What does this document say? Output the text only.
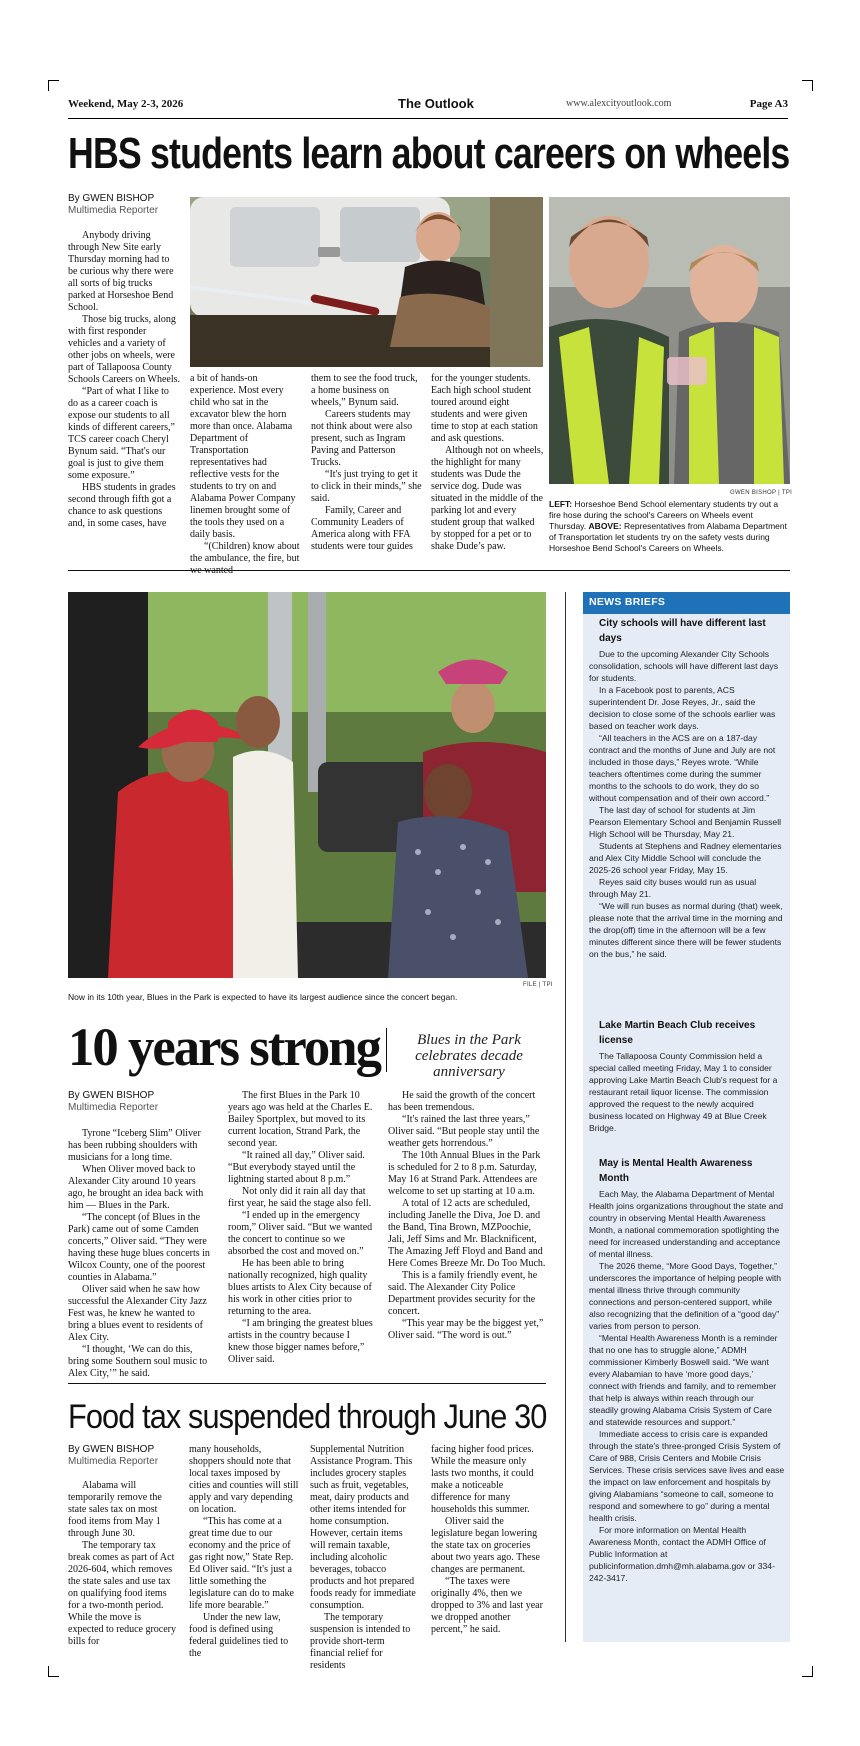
Weekend, May 2-3, 2026	The Outlook	www.alexcityoutlook.com	Page A3
HBS students learn about careers on wheels
By GWEN BISHOP
Multimedia Reporter

Anybody driving through New Site early Thursday morning had to be curious why there were all sorts of big trucks parked at Horseshoe Bend School.

Those big trucks, along with first responder vehicles and a variety of other jobs on wheels, were part of Tallapoosa County Schools Careers on Wheels.

“Part of what I like to do as a career coach is expose our students to all kinds of different careers,” TCS career coach Cheryl Bynum said. “That's our goal is just to give them some exposure.”

HBS students in grades second through fifth got a chance to ask questions and, in some cases, have

GWEN BISHOP | TPI
LEFT: Horseshoe Bend School elementary students try out a fire hose during the school's Careers on Wheels event Thursday. ABOVE: Representatives from Alabama Department of Transportation let students try on the safety vests during Horseshoe Bend School's Careers on Wheels.

a bit of hands-on experience. Most every child who sat in the excavator blew the horn more than once. Alabama Department of Transportation representatives had reflective vests for the students to try on and Alabama Power Company linemen brought some of the tools they used on a daily basis.

“(Children) know about the ambulance, the fire, but

them to see the food truck, a home business on wheels,” Bynum said.

Careers students may not think about were also present, such as Ingram Paving and Patterson Trucks.

“It's just trying to get it to click in their minds,” she said.

Family, Career and Community Leaders of America along with FFA students were tour guides

for the younger students. Each high school student toured around eight students and were given time to stop at each station and ask questions.

Although not on wheels, the highlight for many students was Dude the service dog. Dude was situated in the middle of the parking lot and every student group that walked by stopped for a pet or to shake Dude’s paw.

FILE | TPI
Now in its 10th year, Blues in the Park is expected to have its largest audience since the concert began.
10 years strong	Blues in the Park celebrates decade anniversary
By GWEN BISHOP
Multimedia Reporter

Tyrone “Iceberg Slim” Oliver has been rubbing shoulders with musicians for a long time.

When Oliver moved back to Alexander City around 10 years ago, he brought an idea back with him — Blues in the Park.

“The concept (of Blues in the Park) came out of some Camden concerts,” Oliver said. “They were having these huge blues concerts in Wilcox County, one of the poorest counties in Alabama.”

Oliver said when he saw how successful the Alexander City Jazz Fest was, he knew he wanted to bring a blues event to residents of Alex City.

“I thought, ‘We can do this, bring some Southern soul music to Alex City,’” he said.

The first Blues in the Park 10 years ago was held at the Charles E. Bailey Sportplex, but moved to its current location, Strand Park, the second year.

“It rained all day,” Oliver said. “But everybody stayed until the lightning started about 8 p.m.”

Not only did it rain all day that first year, he said the stage also fell.

“I ended up in the emergency room,” Oliver said. “But we wanted the concert to continue so we absorbed the cost and moved on.”

He has been able to bring nationally recognized, high quality blues artists to Alex City because of his work in other cities prior to returning to the area.

“I am bringing the greatest blues artists in the country because I knew those bigger names before,” Oliver said.

He said the growth of the concert has been tremendous.

“It's rained the last three years,” Oliver said. “But people stay until the weather gets horrendous.”

The 10th Annual Blues in the Park is scheduled for 2 to 8 p.m. Saturday, May 16 at Strand Park. Attendees are welcome to set up starting at 10 a.m.

A total of 12 acts are scheduled, including Janelle the Diva, Joe D. and the Band, Tina Brown, MZPoochie, Jali, Jeff Sims and Mr. Blacknificent, The Amazing Jeff Floyd and Band and Here Comes Breeze Mr. Do Too Much.

This is a family friendly event, he said. The Alexander City Police Department provides security for the concert.

“This year may be the biggest yet,” Oliver said. “The word is out.”

Food tax suspended through June 30
By GWEN BISHOP
Multimedia Reporter

Alabama will temporarily remove the state sales tax on most food items from May 1 through June 30.

The temporary tax break comes as part of Act 2026-604, which removes the state sales and use tax on qualifying food items for a two-month period. While the move is expected to reduce grocery bills for

many households, shoppers should note that local taxes imposed by cities and counties will still apply and vary depending on location.

“This has come at a great time due to our economy and the price of gas right now,” State Rep. Ed Oliver said. “It's just a little something the legislature can do to make life more bearable.”

Under the new law, food is defined using federal guidelines tied to the

Supplemental Nutrition Assistance Program. This includes grocery staples such as fruit, vegetables, meat, dairy products and other items intended for home consumption. However, certain items will remain taxable, including alcoholic beverages, tobacco products and hot prepared foods ready for immediate consumption.

The temporary suspension is intended to provide short-term financial relief for residents

facing higher food prices. While the measure only lasts two months, it could make a noticeable difference for many households this summer.

Oliver said the legislature began lowering the state tax on groceries about two years ago. These changes are permanent.

“The taxes were originally 4%, then we dropped to 3% and last year we dropped another percent,” he said.

NEWS BRIEFS
City schools will have different last days

Due to the upcoming Alexander City Schools consolidation, schools will have different last days for students.

In a Facebook post to parents, ACS superintendent Dr. Jose Reyes, Jr., said the decision to close some of the schools earlier was based on teacher work days.

“All teachers in the ACS are on a 187-day contract and the months of June and July are not included in those days,” Reyes wrote. “While teachers oftentimes come during the summer months to the schools to do work, they do so without compensation and of their own accord.”

The last day of school for students at Jim Pearson Elementary School and Benjamin Russell High School will be Thursday, May 21.

Students at Stephens and Radney elementaries and Alex City Middle School will conclude the 2025-26 school year Friday, May 15.

Reyes said city buses would run as usual through May 21.

“We will run buses as normal during (that) week, please note that the arrival time in the morning and the drop(off) time in the afternoon will be a few minutes different since there will be fewer students on the bus,” he said.

Lake Martin Beach Club receives license

The Tallapoosa County Commission held a special called meeting Friday, May 1 to consider approving Lake Martin Beach Club's request for a restaurant retail liquor license. The commission approved the request to the newly acquired business located on Highway 49 at Blue Creek Bridge.

May is Mental Health Awareness Month

Each May, the Alabama Department of Mental Health joins organizations throughout the state and country in observing Mental Health Awareness Month, a national commemoration spotlighting the need for increased understanding and acceptance of mental illness.

The 2026 theme, “More Good Days, Together,” underscores the importance of helping people with mental illness thrive through community connections and person-centered support, while also recognizing that the definition of a “good day” varies from person to person.

“Mental Health Awareness Month is a reminder that no one has to struggle alone,” ADMH commissioner Kimberly Boswell said. “We want every Alabamian to have ‘more good days,’ connect with friends and family, and to remember that help is always within reach through our steadily growing Alabama Crisis System of Care and statewide resources and support.”

Immediate access to crisis care is expanded through the state's three-pronged Crisis System of Care of 988, Crisis Centers and Mobile Crisis Services. These crisis services save lives and ease the impact on law enforcement and hospitals by giving Alabamians “someone to call, someone to respond and somewhere to go” during a mental health crisis.

For more information on Mental Health Awareness Month, contact the ADMH Office of Public Information at publicinformation.dmh@mh.alabama.gov or 334-242-3417.
